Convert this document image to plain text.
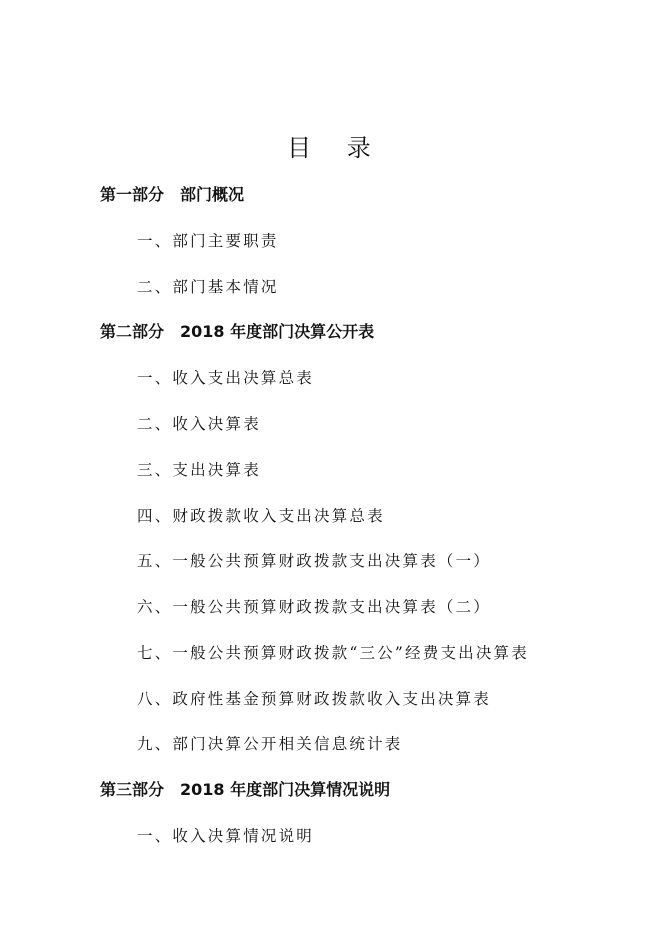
目 录
第一部分 部门概况
一、部门主要职责
二、部门基本情况
第二部分 2018 年度部门决算公开表
一、收入支出决算总表
二、收入决算表
三、支出决算表
四、财政拨款收入支出决算总表
五、一般公共预算财政拨款支出决算表（一）
六、一般公共预算财政拨款支出决算表（二）
七、一般公共预算财政拨款“三公”经费支出决算表
八、政府性基金预算财政拨款收入支出决算表
九、部门决算公开相关信息统计表
第三部分 2018 年度部门决算情况说明
一、收入决算情况说明
